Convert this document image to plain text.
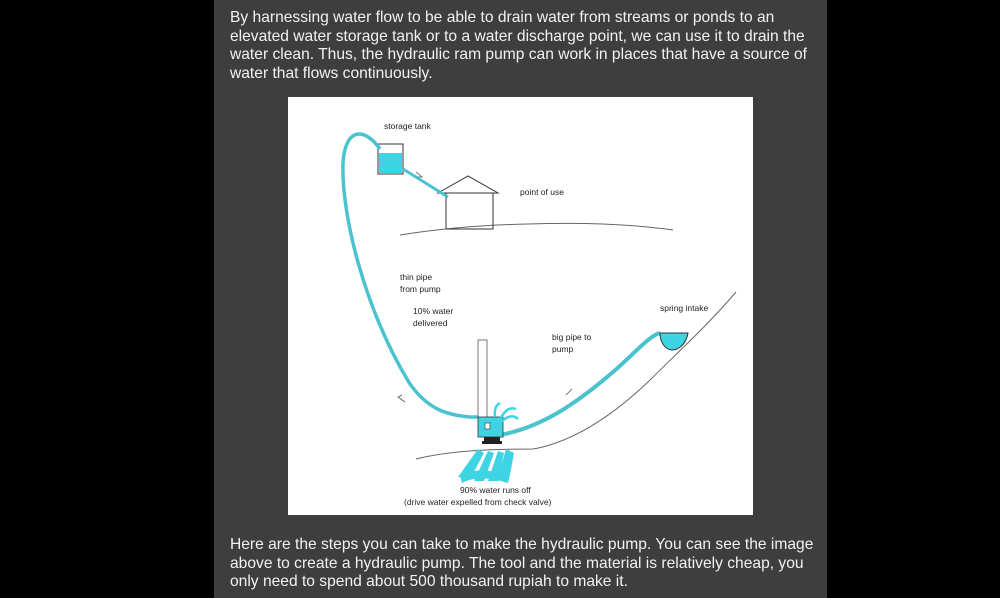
By harnessing water flow to be able to drain water from streams or ponds to an elevated water storage tank or to a water discharge point, we can use it to drain the water clean. Thus, the hydraulic ram pump can work in places that have a source of water that flows continuously.

storage tank
point of use
thin pipe
from pump
10% water
delivered
big pipe to
pump
spring intake
90% water runs off
(drive water expelled from check valve)

Here are the steps you can take to make the hydraulic pump. You can see the image above to create a hydraulic pump. The tool and the material is relatively cheap, you only need to spend about 500 thousand rupiah to make it.
